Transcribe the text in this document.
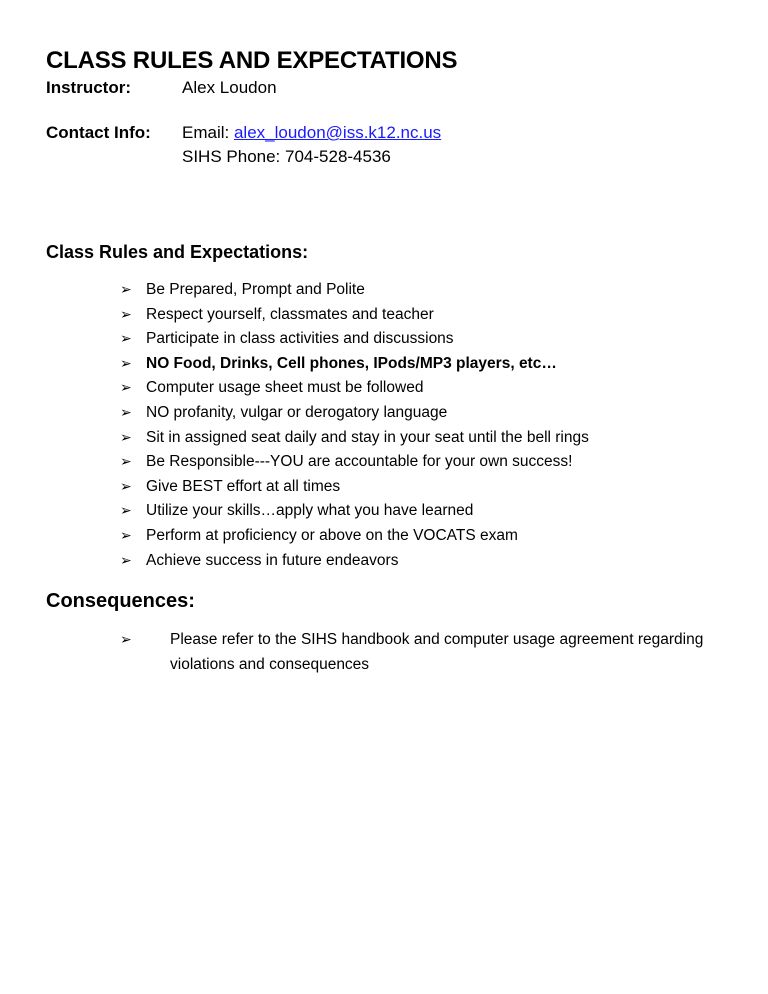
CLASS RULES AND EXPECTATIONS
Instructor:	Alex Loudon
Contact Info: Email: alex_loudon@iss.k12.nc.us
SIHS Phone: 704-528-4536
Class Rules and Expectations:
➢ Be Prepared, Prompt and Polite
➢ Respect yourself, classmates and teacher
➢ Participate in class activities and discussions
➢ NO Food, Drinks, Cell phones, IPods/MP3 players, etc…
➢ Computer usage sheet must be followed
➢ NO profanity, vulgar or derogatory language
➢ Sit in assigned seat daily and stay in your seat until the bell rings
➢ Be Responsible---YOU are accountable for your own success!
➢ Give BEST effort at all times
➢ Utilize your skills…apply what you have learned
➢ Perform at proficiency or above on the VOCATS exam
➢ Achieve success in future endeavors
Consequences:
➢ Please refer to the SIHS handbook and computer usage agreement regarding violations and consequences
